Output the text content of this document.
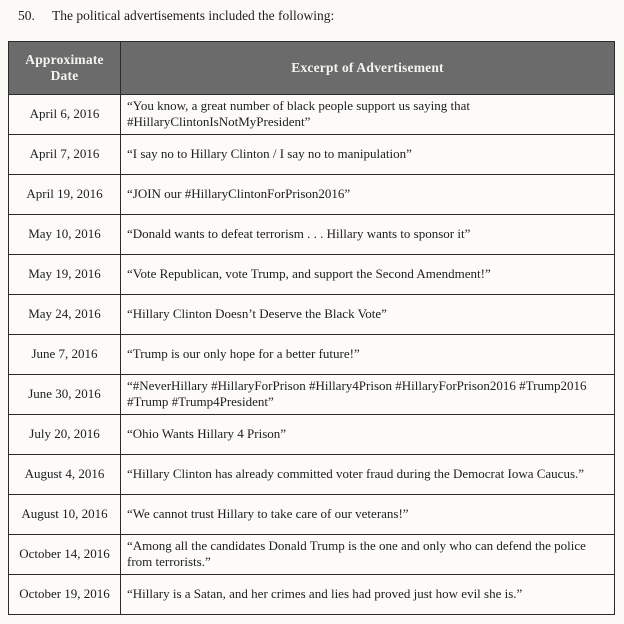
50.	The political advertisements included the following:

Approximate Date	Excerpt of Advertisement
April 6, 2016	“You know, a great number of black people support us saying that #HillaryClintonIsNotMyPresident”
April 7, 2016	“I say no to Hillary Clinton / I say no to manipulation”
April 19, 2016	“JOIN our #HillaryClintonForPrison2016”
May 10, 2016	“Donald wants to defeat terrorism . . . Hillary wants to sponsor it”
May 19, 2016	“Vote Republican, vote Trump, and support the Second Amendment!”
May 24, 2016	“Hillary Clinton Doesn’t Deserve the Black Vote”
June 7, 2016	“Trump is our only hope for a better future!”
June 30, 2016	“#NeverHillary #HillaryForPrison #Hillary4Prison #HillaryForPrison2016 #Trump2016 #Trump #Trump4President”
July 20, 2016	“Ohio Wants Hillary 4 Prison”
August 4, 2016	“Hillary Clinton has already committed voter fraud during the Democrat Iowa Caucus.”
August 10, 2016	“We cannot trust Hillary to take care of our veterans!”
October 14, 2016	“Among all the candidates Donald Trump is the one and only who can defend the police from terrorists.”
October 19, 2016	“Hillary is a Satan, and her crimes and lies had proved just how evil she is.”
